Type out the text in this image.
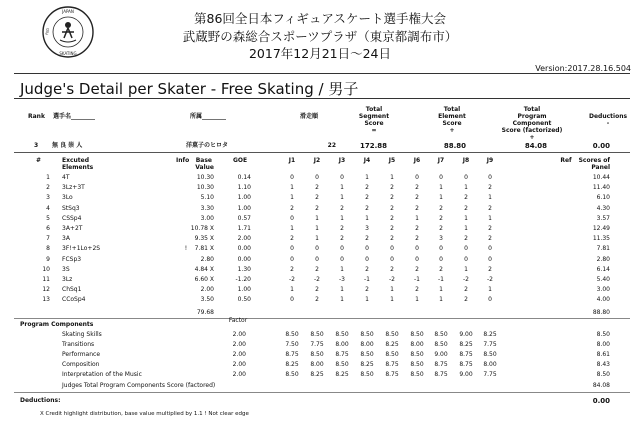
JAPAN
SKATING
FED
第86回全日本フィギュアスケート選手権大会
武蔵野の森総合スポーツプラザ（東京都調布市）
2017年12月21日～24日
Version:2017.28.16.504
Judge's Detail per Skater - Free Skating / 男子
Rank 選手名________	所属________	滑走順
Total
Segment
Score
=
Total
Element
Score
+
Total
Program
Component
Score (factorized)
+
Deductions
-
3 無 良 崇 人	洋菓子のヒロタ	22	172.88	88.80	84.08	0.00
#	Excuted
Elements
Info Base
Value
GOE	J1	J2	J3	J4	J5	J6	J7	J8	J9	Ref Scores of
Panel
1 4T	10.30	0.14	0	0	0	1	1	0	0	0	0	10.44
2 3Lz+3T	10.30	1.10	1	2	1	2	2	2	1	1	2	11.40
3 3Lo	5.10	1.00	1	2	1	2	2	2	1	2	1	6.10
4 StSq3	3.30	1.00	2	2	2	2	2	2	2	2	2	4.30
5 CSSp4	3.00	0.57	0	1	1	1	2	1	2	1	1	3.57
6 3A+2T	10.78 X	1.71	1	1	2	3	2	2	2	1	2	12.49
7 3A	9.35 X	2.00	2	1	2	2	2	2	3	2	2	11.35
8 3F!+1Lo+2S	! 7.81 X	0.00	0	0	0	0	0	0	0	0	0	7.81
9 FCSp3	2.80	0.00	0	0	0	0	0	0	0	0	0	2.80
10 3S	4.84 X	1.30	2	2	1	2	2	2	2	1	2	6.14
11 3Lz	6.60 X	-1.20	-2	-2	-3	-1	-2	-1	-1	-2	-2	5.40
12 ChSq1	2.00	1.00	1	2	1	2	1	2	1	2	1	3.00
13 CCoSp4	3.50	0.50	0	2	1	1	1	1	1	2	0	4.00
79.68	88.80
Program Components
Factor
Skating Skills	2.00	8.50 8.50 8.50 8.50 8.50 8.50 8.50 9.00 8.25	8.50
Transitions	2.00	7.50 7.75 8.00 8.00 8.25 8.00 8.50 8.25 7.75	8.00
Performance	2.00	8.75 8.50 8.75 8.50 8.50 8.50 9.00 8.75 8.50	8.61
Composition	2.00	8.25 8.00 8.50 8.25 8.75 8.50 8.75 8.75 8.00	8.43
Interpretation of the Music	2.00	8.50 8.25 8.25 8.50 8.75 8.50 8.75 9.00 7.75	8.50
Judges Total Program Components Score (factored)	84.08
Deductions:	0.00
X Credit highlight distribution, base value multiplied by 1.1 ! Not clear edge
